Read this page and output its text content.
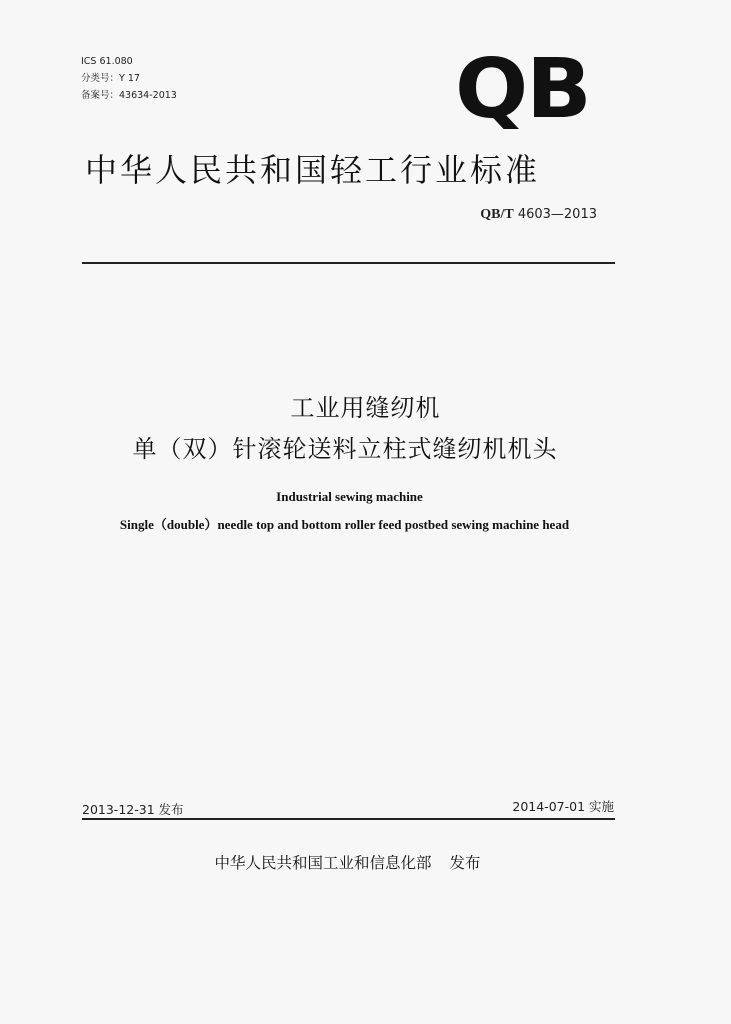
ICS 61.080
分类号：Y 17
备案号：43634-2013	QB
中华人民共和国轻工行业标准
QB/T 4603—2013
工业用缝纫机
单（双）针滚轮送料立柱式缝纫机机头
Industrial sewing machine
Single（double）needle top and bottom roller feed postbed sewing machine head
2013-12-31 发布	2014-07-01 实施
中华人民共和国工业和信息化部 发布
